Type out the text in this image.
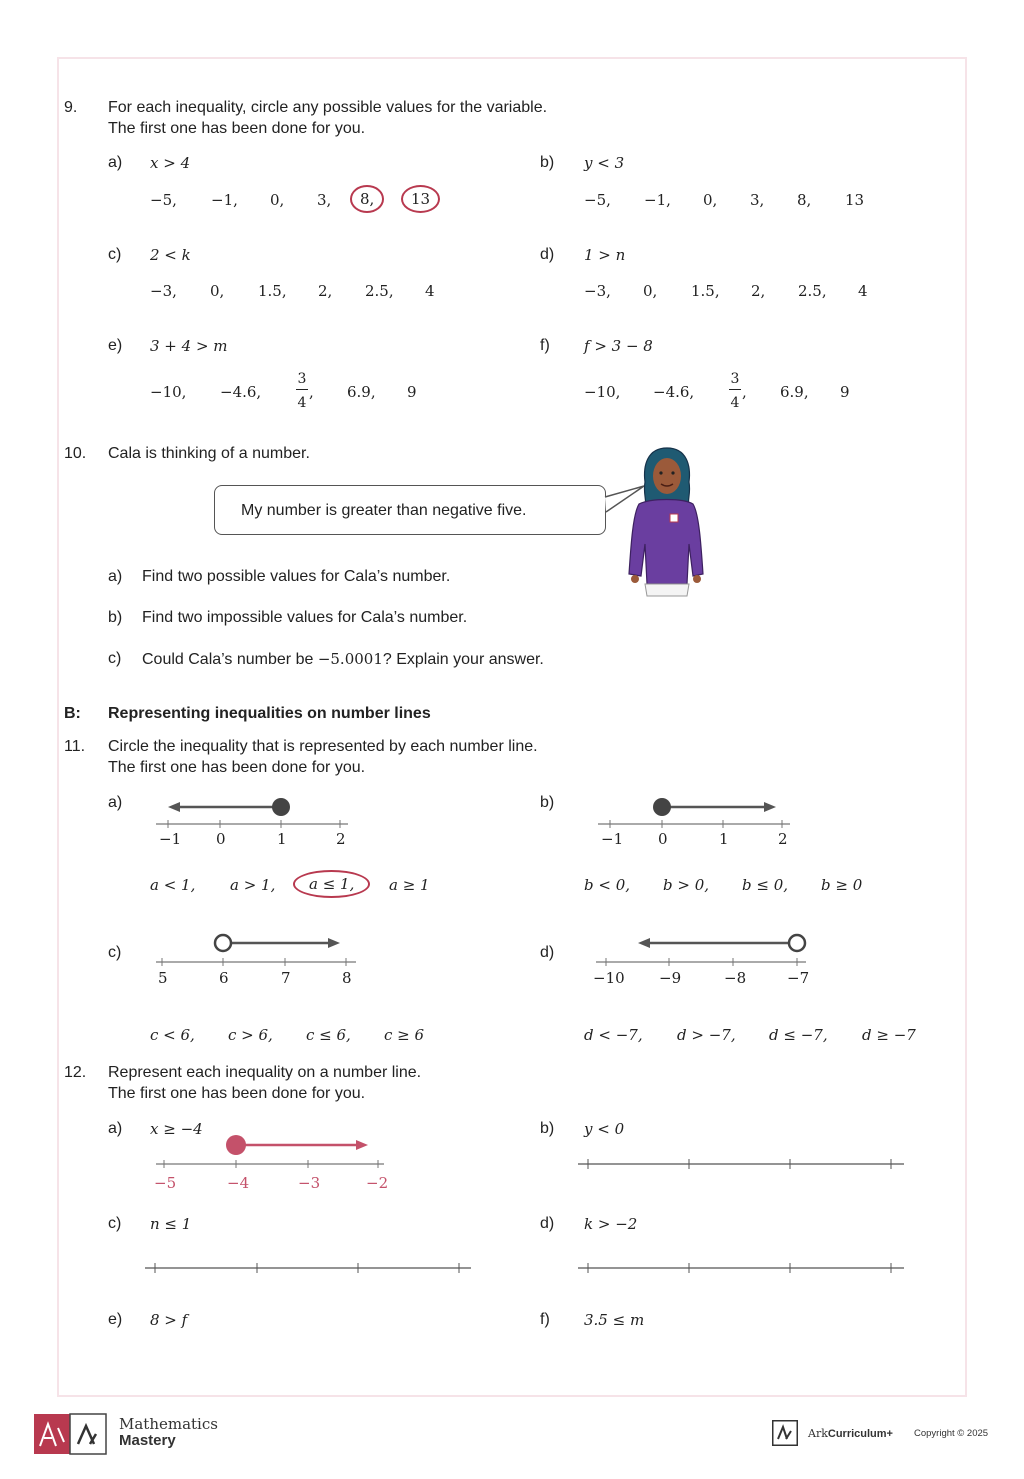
9. For each inequality, circle any possible values for the variable.
The first one has been done for you.
a) x > 4
−5, −1, 0, 3,	8,	13
b) y < 3
−5, −1, 0, 3, 8, 13
c) 2 < k
−3, 0, 1.5, 2, 2.5, 4
d) 1 > n
−3, 0, 1.5, 2, 2.5, 4
e) 3 + 4 > m
−10, −4.6,
3
4
, 6.9, 9
f) f > 3 − 8
−10, −4.6,
3
4
, 6.9, 9
10. Cala is thinking of a number.
My number is greater than negative five.
a) Find two possible values for Cala’s number.
b) Find two impossible values for Cala’s number.
c) Could Cala’s number be −5.0001? Explain your answer.
B: Representing inequalities on number lines
11. Circle the inequality that is represented by each number line.
The first one has been done for you.
a)
−1 0	1	2
a < 1, a > 1,	a ≤ 1,	a ≥ 1
b)
−1 0	1	2
b < 0, b > 0, b ≤ 0, b ≥ 0
c)
5	6	7	8
c < 6, c > 6, c ≤ 6, c ≥ 6
d)
−10 −9	−8	−7
d < −7, d > −7, d ≤ −7, d ≥ −7
12. Represent each inequality on a number line.
The first one has been done for you.
a) x ≥ −4
−5	−4	−3	−2
b) y < 0
c) n ≤ 1	d) k > −2
e) 8 > f	f) 3.5 ≤ m
Mathematics
Mastery	ArkCurriculum+ Copyright © 2025
